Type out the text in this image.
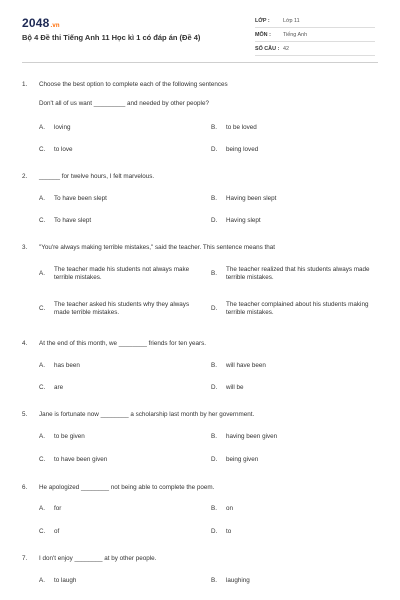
2048.vn
Bộ 4 Đề thi Tiếng Anh 11 Học kì 1 có đáp án (Đề 4)
LỚP : Lớp 11
MÔN : Tiếng Anh
SỐ CÂU : 42
1. Choose the best option to complete each of the following sentences
Don't all of us want _________ and needed by other people?
A. loving	B. to be loved
C. to love	D. being loved
2. ______ for twelve hours, I felt marvelous.
A. To have been slept	B. Having been slept
C. To have slept	D. Having slept
3. "You're always making terrible mistakes," said the teacher. This sentence means that
A.
The teacher made his students not always make terrible mistakes.
B.
The teacher realized that his students always made terrible mistakes.
C.
The teacher asked his students why they always made terrible mistakes.
D.
The teacher complained about his students making terrible mistakes.
4. At the end of this month, we ________ friends for ten years.
A. has been	B. will have been
C. are	D. will be
5. Jane is fortunate now ________ a scholarship last month by her government.
A. to be given	B. having been given
C. to have been given	D. being given
6. He apologized ________ not being able to complete the poem.
A. for	B. on
C. of	D. to
7. I don't enjoy ________ at by other people.
A. to laugh	B. laughing
